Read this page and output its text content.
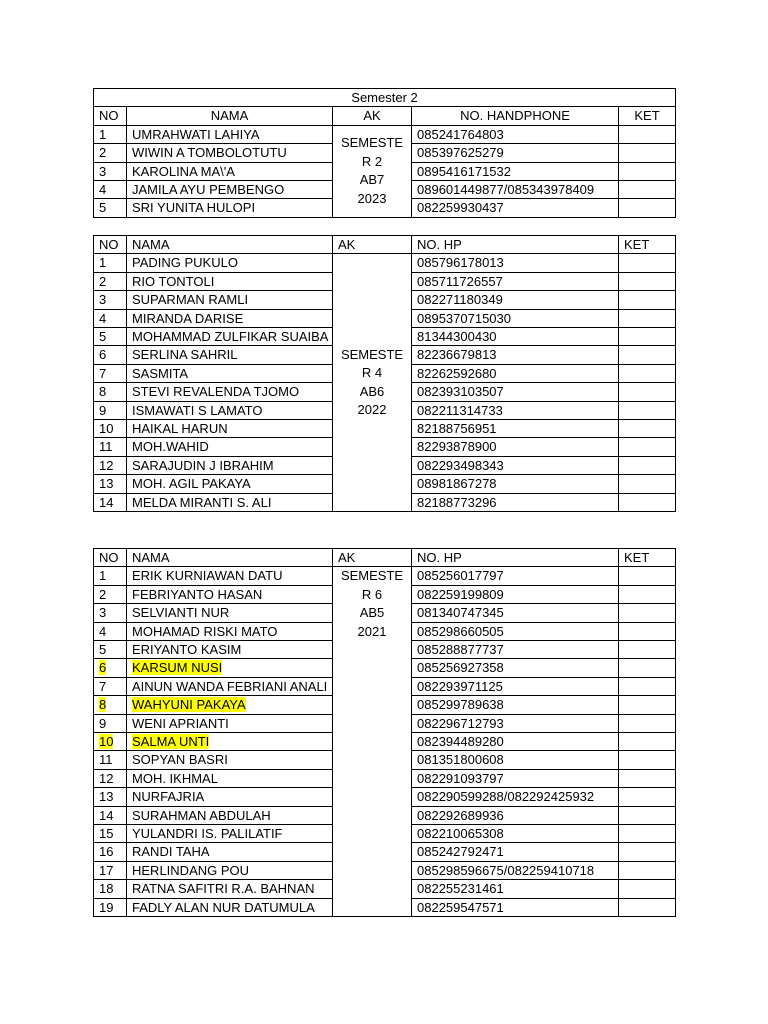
Semester 2				
NO	NAMA	AK	NO. HANDPHONE	KET
1	UMRAHWATI LAHIYA	SEMESTE
R 2
AB7
2023	085241764803	
2	WIWIN A TOMBOLOTUTU		085397625279	
3	KAROLINA MA\'A		0895416171532	
4	JAMILA AYU PEMBENGO		089601449877/085343978409	
5	SRI YUNITA HULOPI		082259930437	
NO	NAMA	AK	NO. HP	KET
1	PADING PUKULO	SEMESTE
R 4
AB6
2022	085796178013	
2	RIO TONTOLI		085711726557	
3	SUPARMAN RAMLI		082271180349	
4	MIRANDA DARISE		0895370715030	
5	MOHAMMAD ZULFIKAR SUAIBA		81344300430	
6	SERLINA SAHRIL		82236679813	
7	SASMITA		82262592680	
8	STEVI REVALENDA TJOMO		082393103507	
9	ISMAWATI S LAMATO		082211314733	
10	HAIKAL HARUN		82188756951	
11	MOH.WAHID		82293878900	
12	SARAJUDIN J IBRAHIM		082293498343	
13	MOH. AGIL PAKAYA		08981867278	
14	MELDA MIRANTI S. ALI		82188773296	
NO	NAMA	AK	NO. HP	KET
1	ERIK KURNIAWAN DATU	SEMESTE
R 6
AB5
2021	085256017797	
2	FEBRIYANTO HASAN		082259199809	
3	SELVIANTI NUR		081340747345	
4	MOHAMAD RISKI MATO		085298660505	
5	ERIYANTO KASIM		085288877737	
6	KARSUM NUSI		085256927358	
7	AINUN WANDA FEBRIANI ANALI		082293971125	
8	WAHYUNI PAKAYA		085299789638	
9	WENI APRIANTI		082296712793	
10	SALMA UNTI		082394489280	
11	SOPYAN BASRI		081351800608	
12	MOH. IKHMAL		082291093797	
13	NURFAJRIA		082290599288/082292425932	
14	SURAHMAN ABDULAH		082292689936	
15	YULANDRI IS. PALILATIF		082210065308	
16	RANDI TAHA		085242792471	
17	HERLINDANG POU		085298596675/082259410718	
18	RATNA SAFITRI R.A. BAHNAN		082255231461	
19	FADLY ALAN NUR DATUMULA		082259547571	
